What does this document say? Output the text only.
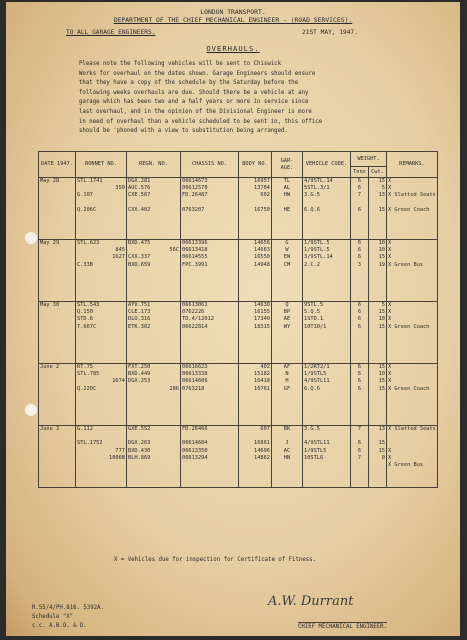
LONDON TRANSPORT.
DEPARTMENT OF THE CHIEF MECHANICAL ENGINEER - (ROAD SERVICES).
TO ALL GARAGE ENGINEERS.	21ST MAY, 1947.
OVERHAULS.
Please note the following vehicles will be sent to Chiswick
Works for overhaul on the dates shown. Garage Engineers should ensure
that they have a copy of the schedule by the Saturday before the
following weeks overhauls are due. Should there be a vehicle at any
garage which has been two and a half years or more in service since
last overhaul, and in the opinion of the Divisional Engineer is more
in need of overhaul than a vehicle scheduled to be sent in, this office
should be 'phoned with a view to substitution being arranged.
DATE 1947.	BONNET NO.	REGN. NO.	CHASSIS NO.	BODY NO.	GAR- AGE.	VEHICLE CODE.	WEIGHT.
Tons Cwt.		REMARKS.

May 28	STL.1741
350
G.107
Q.206C	DGX.281
AUC.576
CXE.567
CXX.402	06614673
06612570
FD.26487
0763207	16957
13704
602
16750	TL
AL
HW
HE	4/9STL.14
5STL.3/1
3.G.5
6.Q.6	6
6
7
6	15
5
13
15	X
X
X Slatted Seats
X Green Coach

May 29	STL.623
845
1627
C.33B	BXD.475
56C
CXX.337
BXD.659	06613396
06613418
06614555
FPC.3991	14656
14663
16550
14948	G
W
EW
CM	1/9STL.5
1/9STL.5
3/9STL.14
2.C.2	6
6
6
3	10
10
15
19	X
X
X
X Green Bus

May 30	STL.543
Q.150
STD.6
T.667C	AYV.751
CLE.173
DLU.316
ETK.302	06613061
0762226
TD.4/12012
06622814	14630
16155
17340
18315	Q
BP
AE
WY	9STL.5
5.Q.5
1STD.1
10T10/1	6
6
6
6	5
15
10
15	X
X
X
X Green Coach

June 2	RT.75
STL.785
1674
Q.220C	FXT.250
BXD.449
DGX.253
286	06616623
06613338
06614606
0763218	402
15182
16418
16761	AF
N
H
GF	1/2RT2/1
1/9STL5
4/9STL11
6.Q.6	6
6
6
6	15
10
15
15	X
X
X
X Green Coach

June 3	G.112
STL.1752
777
1006B	GXE.552
DGX.263
BXD.430
BLH.869	FD.26466
06614684
06613350
06613294	607
16861
14696
14862	BK
J
AC
HN	3.G.5
4/9STL11
1/9STL5
10STL6	7
6
6
7	13
15
15
0	X Slatted Seats
X
X
X Green Bus
X = Vehicles due for inspection for Certificate of Fitness.
R.55/4/PH.816. 5392A.
Schedule "X"
c.c. A.B.O. & D.
A.W. Durrant
CHIEF MECHANICAL ENGINEER.
